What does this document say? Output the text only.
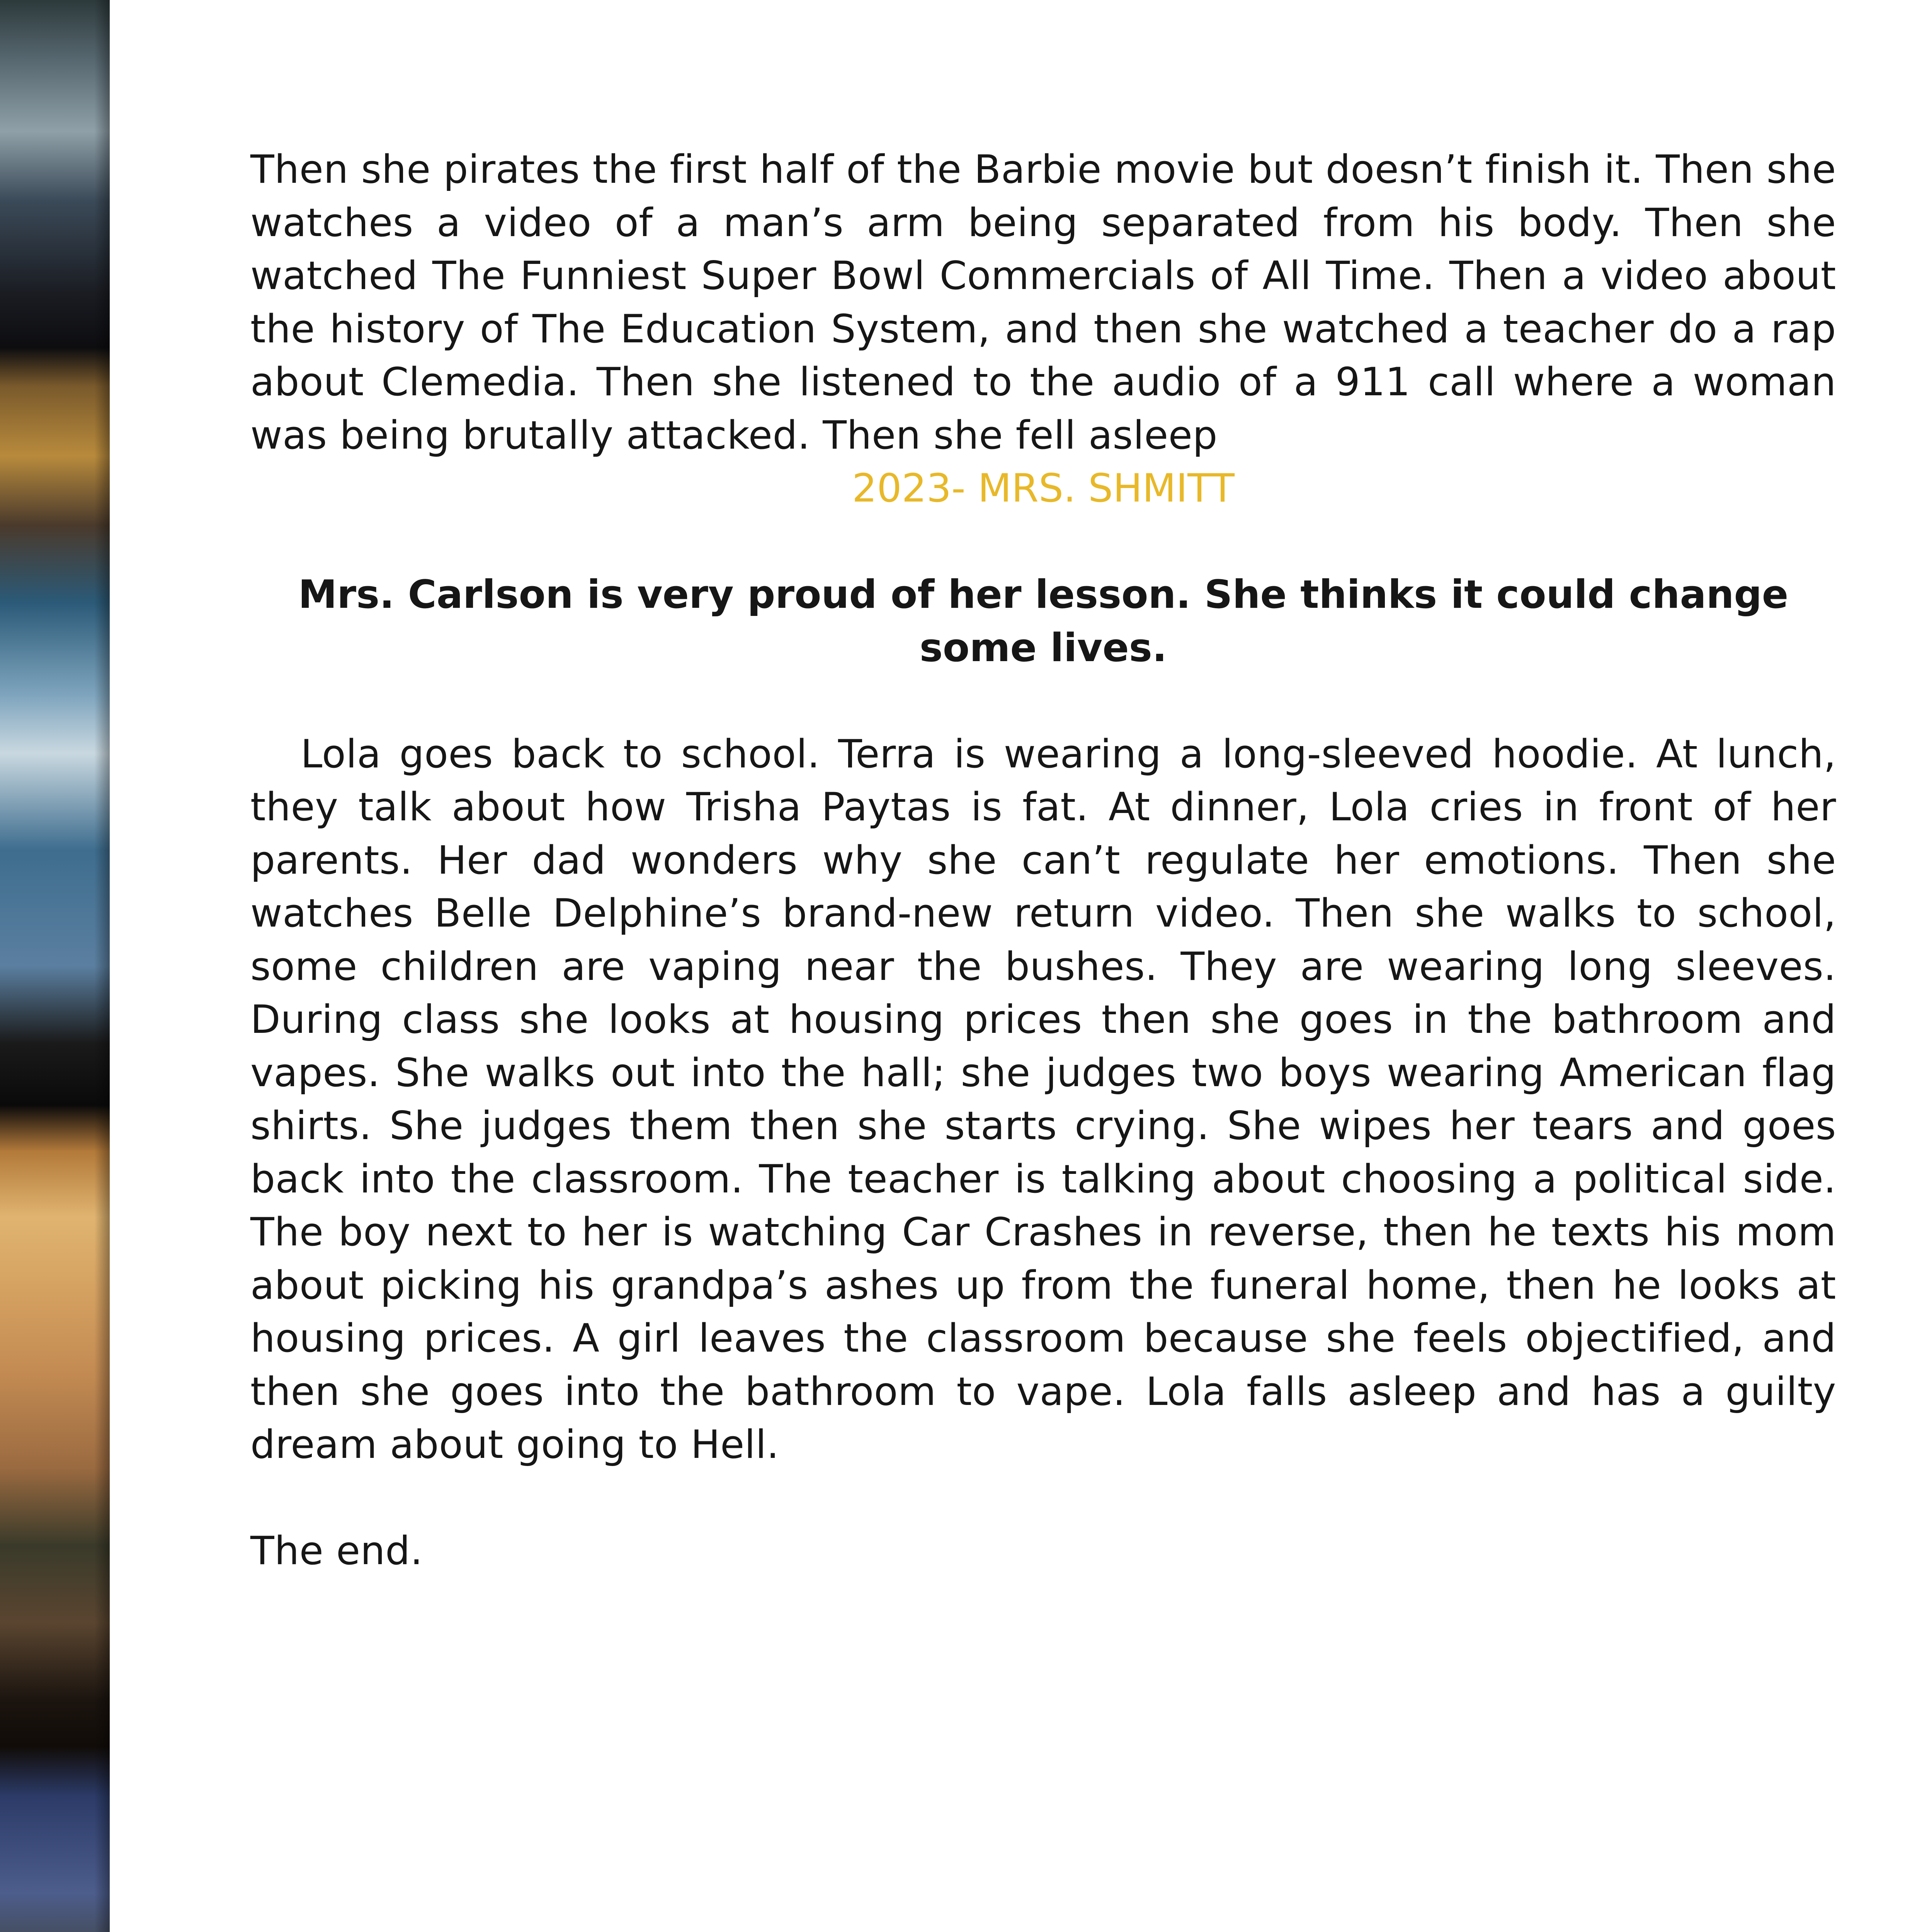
Then she pirates the first half of the Barbie movie but doesn’t finish it. Then she watches a video of a man’s arm being separated from his body. Then she watched The Funniest Super Bowl Commercials of All Time. Then a video about the history of The Education System, and then she watched a teacher do a rap about Clemedia. Then she listened to the audio of a 911 call where a woman was being brutally attacked. Then she fell asleep

2023- MRS. SHMITT

Mrs. Carlson is very proud of her lesson. She thinks it could change some lives.

Lola goes back to school. Terra is wearing a long-sleeved hoodie. At lunch, they talk about how Trisha Paytas is fat. At dinner, Lola cries in front of her parents. Her dad wonders why she can’t regulate her emotions. Then she watches Belle Delphine’s brand-new return video. Then she walks to school, some children are vaping near the bushes. They are wearing long sleeves. During class she looks at housing prices then she goes in the bathroom and vapes. She walks out into the hall; she judges two boys wearing American flag shirts. She judges them then she starts crying. She wipes her tears and goes back into the classroom. The teacher is talking about choosing a political side. The boy next to her is watching Car Crashes in reverse, then he texts his mom about picking his grandpa’s ashes up from the funeral home, then he looks at housing prices. A girl leaves the classroom because she feels objectified, and then she goes into the bathroom to vape. Lola falls asleep and has a guilty dream about going to Hell.

The end.
